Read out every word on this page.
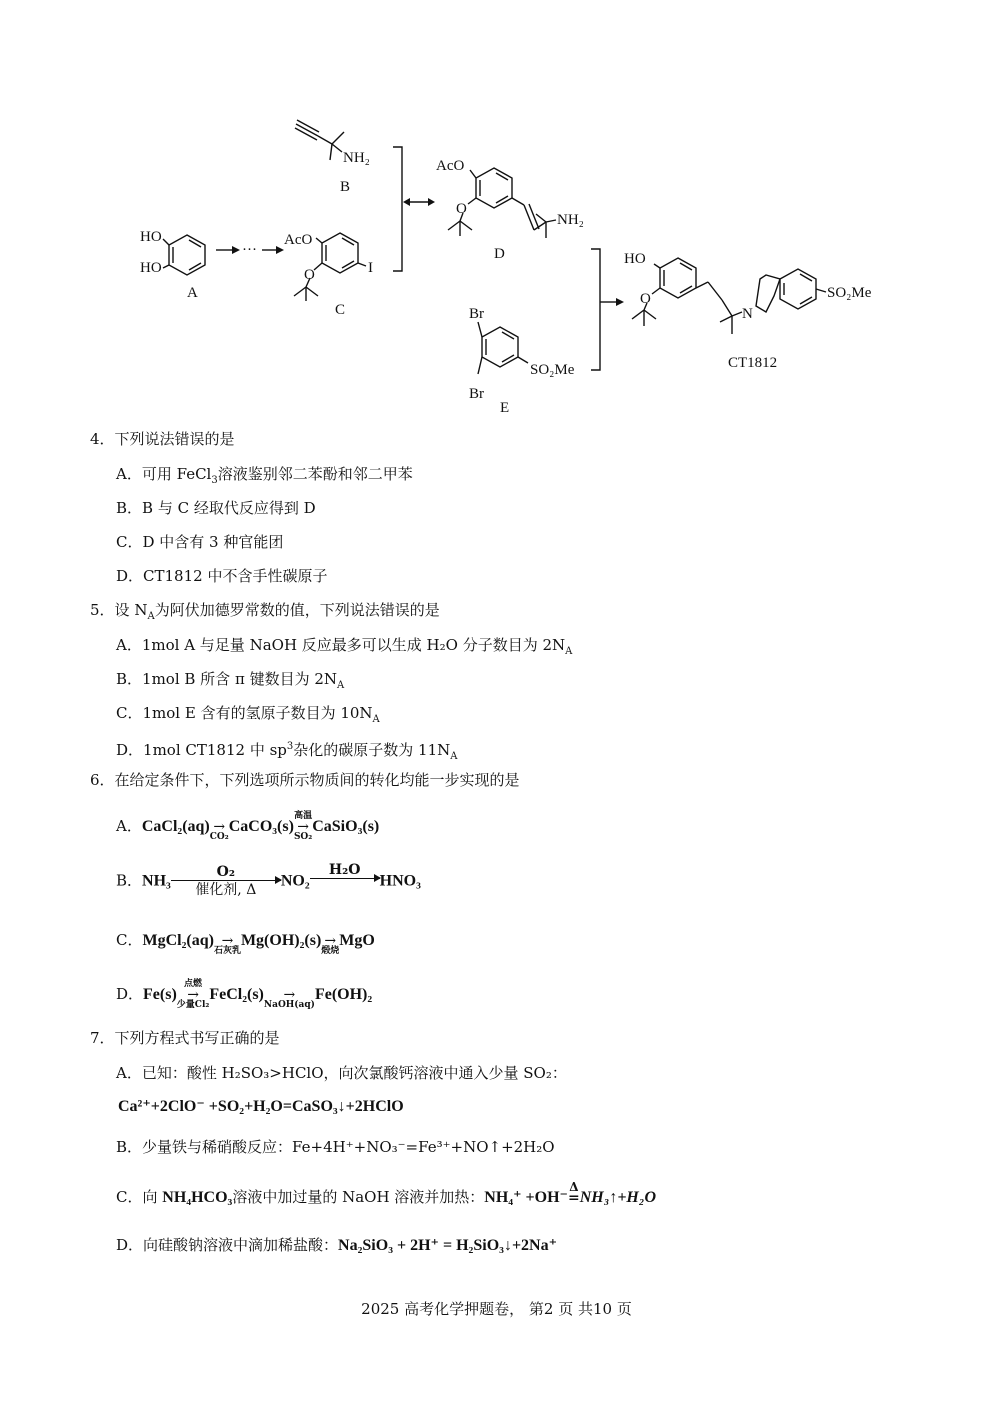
HO
HO
A
···
AcO
O	I
C
NH₂
B
AcO
O
NH₂
D
Br
Br
SO₂Me
E
HO
O
N
SO₂Me
CT1812
4．下列说法错误的是
A．可用 FeCl$_3$溶液鉴别邻二苯酚和邻二甲苯
B．B 与 C 经取代反应得到 D
C．D 中含有 3 种官能团
D．CT1812 中不含手性碳原子
5．设 $N_A$为阿伏加德罗常数的值，下列说法错误的是
A．1mol A 与足量 NaOH 反应最多可以生成 H₂O 分子数目为 $2N_A$
B．1mol B 所含 π 键数目为 $2N_A$
C．1mol E 含有的氢原子数目为 $10N_A$
D．1mol CT1812 中 $sp^3$杂化的碳原子数为 $11N_A$
6．在给定条件下，下列选项所示物质间的转化均能一步实现的是
A．CaCl₂(aq) →
CO₂
CaCO₃(s)
高温
→
SO₂
CaSiO₃(s)
B．NH₃
O₂
催化剂, Δ
NO₂
H₂O
HNO₃
C．MgCl₂(aq) →
石灰乳
Mg(OH)₂(s) →
煅烧
MgO
D．Fe(s)
点燃
→
少量Cl₂
FeCl₂(s)	→
NaOH(aq)
Fe(OH)₂
7．下列方程式书写正确的是
A．已知：酸性 H₂SO₃>HClO，向次氯酸钙溶液中通入少量 SO₂：
Ca²⁺+2ClO⁻ +SO₂+H₂O=CaSO₃↓+2HClO
B．少量铁与稀硝酸反应：Fe+4H⁺+NO₃⁻=Fe³⁺+NO↑+2H₂O
C．向 NH₄HCO₃溶液中加过量的 NaOH 溶液并加热：NH₄⁺ +OH⁻
Δ
= NH₃↑+H₂O
D．向硅酸钠溶液中滴加稀盐酸：Na₂SiO₃ + 2H⁺ = H₂SiO₃↓+2Na⁺
2025 高考化学押题卷， 第2 页 共10 页
